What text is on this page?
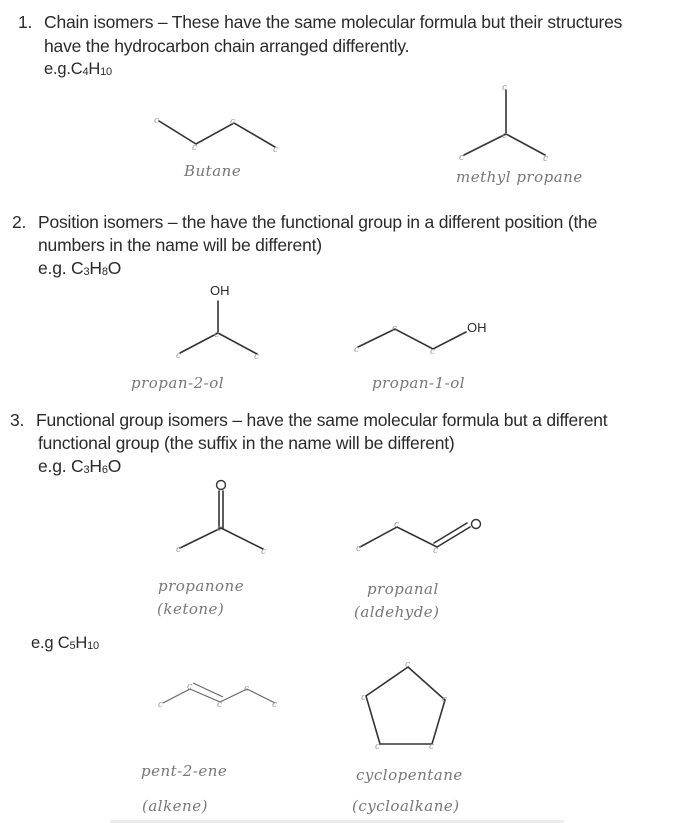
1. Chain isomers – These have the same molecular formula but their structures
have the hydrocarbon chain arranged differently.
e.g.C4H10
c
c
c
c
c
c
c	c
c
c	c
c
c
c
c
c	c	c
c
c
c
c
c
c
c
c
c
c
c
c
Butane	methyl propane
2. Position isomers – the have the functional group in a different position (the
numbers in the name will be different)
e.g. C3H8O
OH
OH
propan-2-ol	propan-1-ol
3. Functional group isomers – have the same molecular formula but a different
functional group (the suffix in the name will be different)
e.g. C3H6O
propanone
(ketone)
propanal
(aldehyde)
e.g C5H10
pent-2-ene
(alkene)
cyclopentane
(cycloalkane)
